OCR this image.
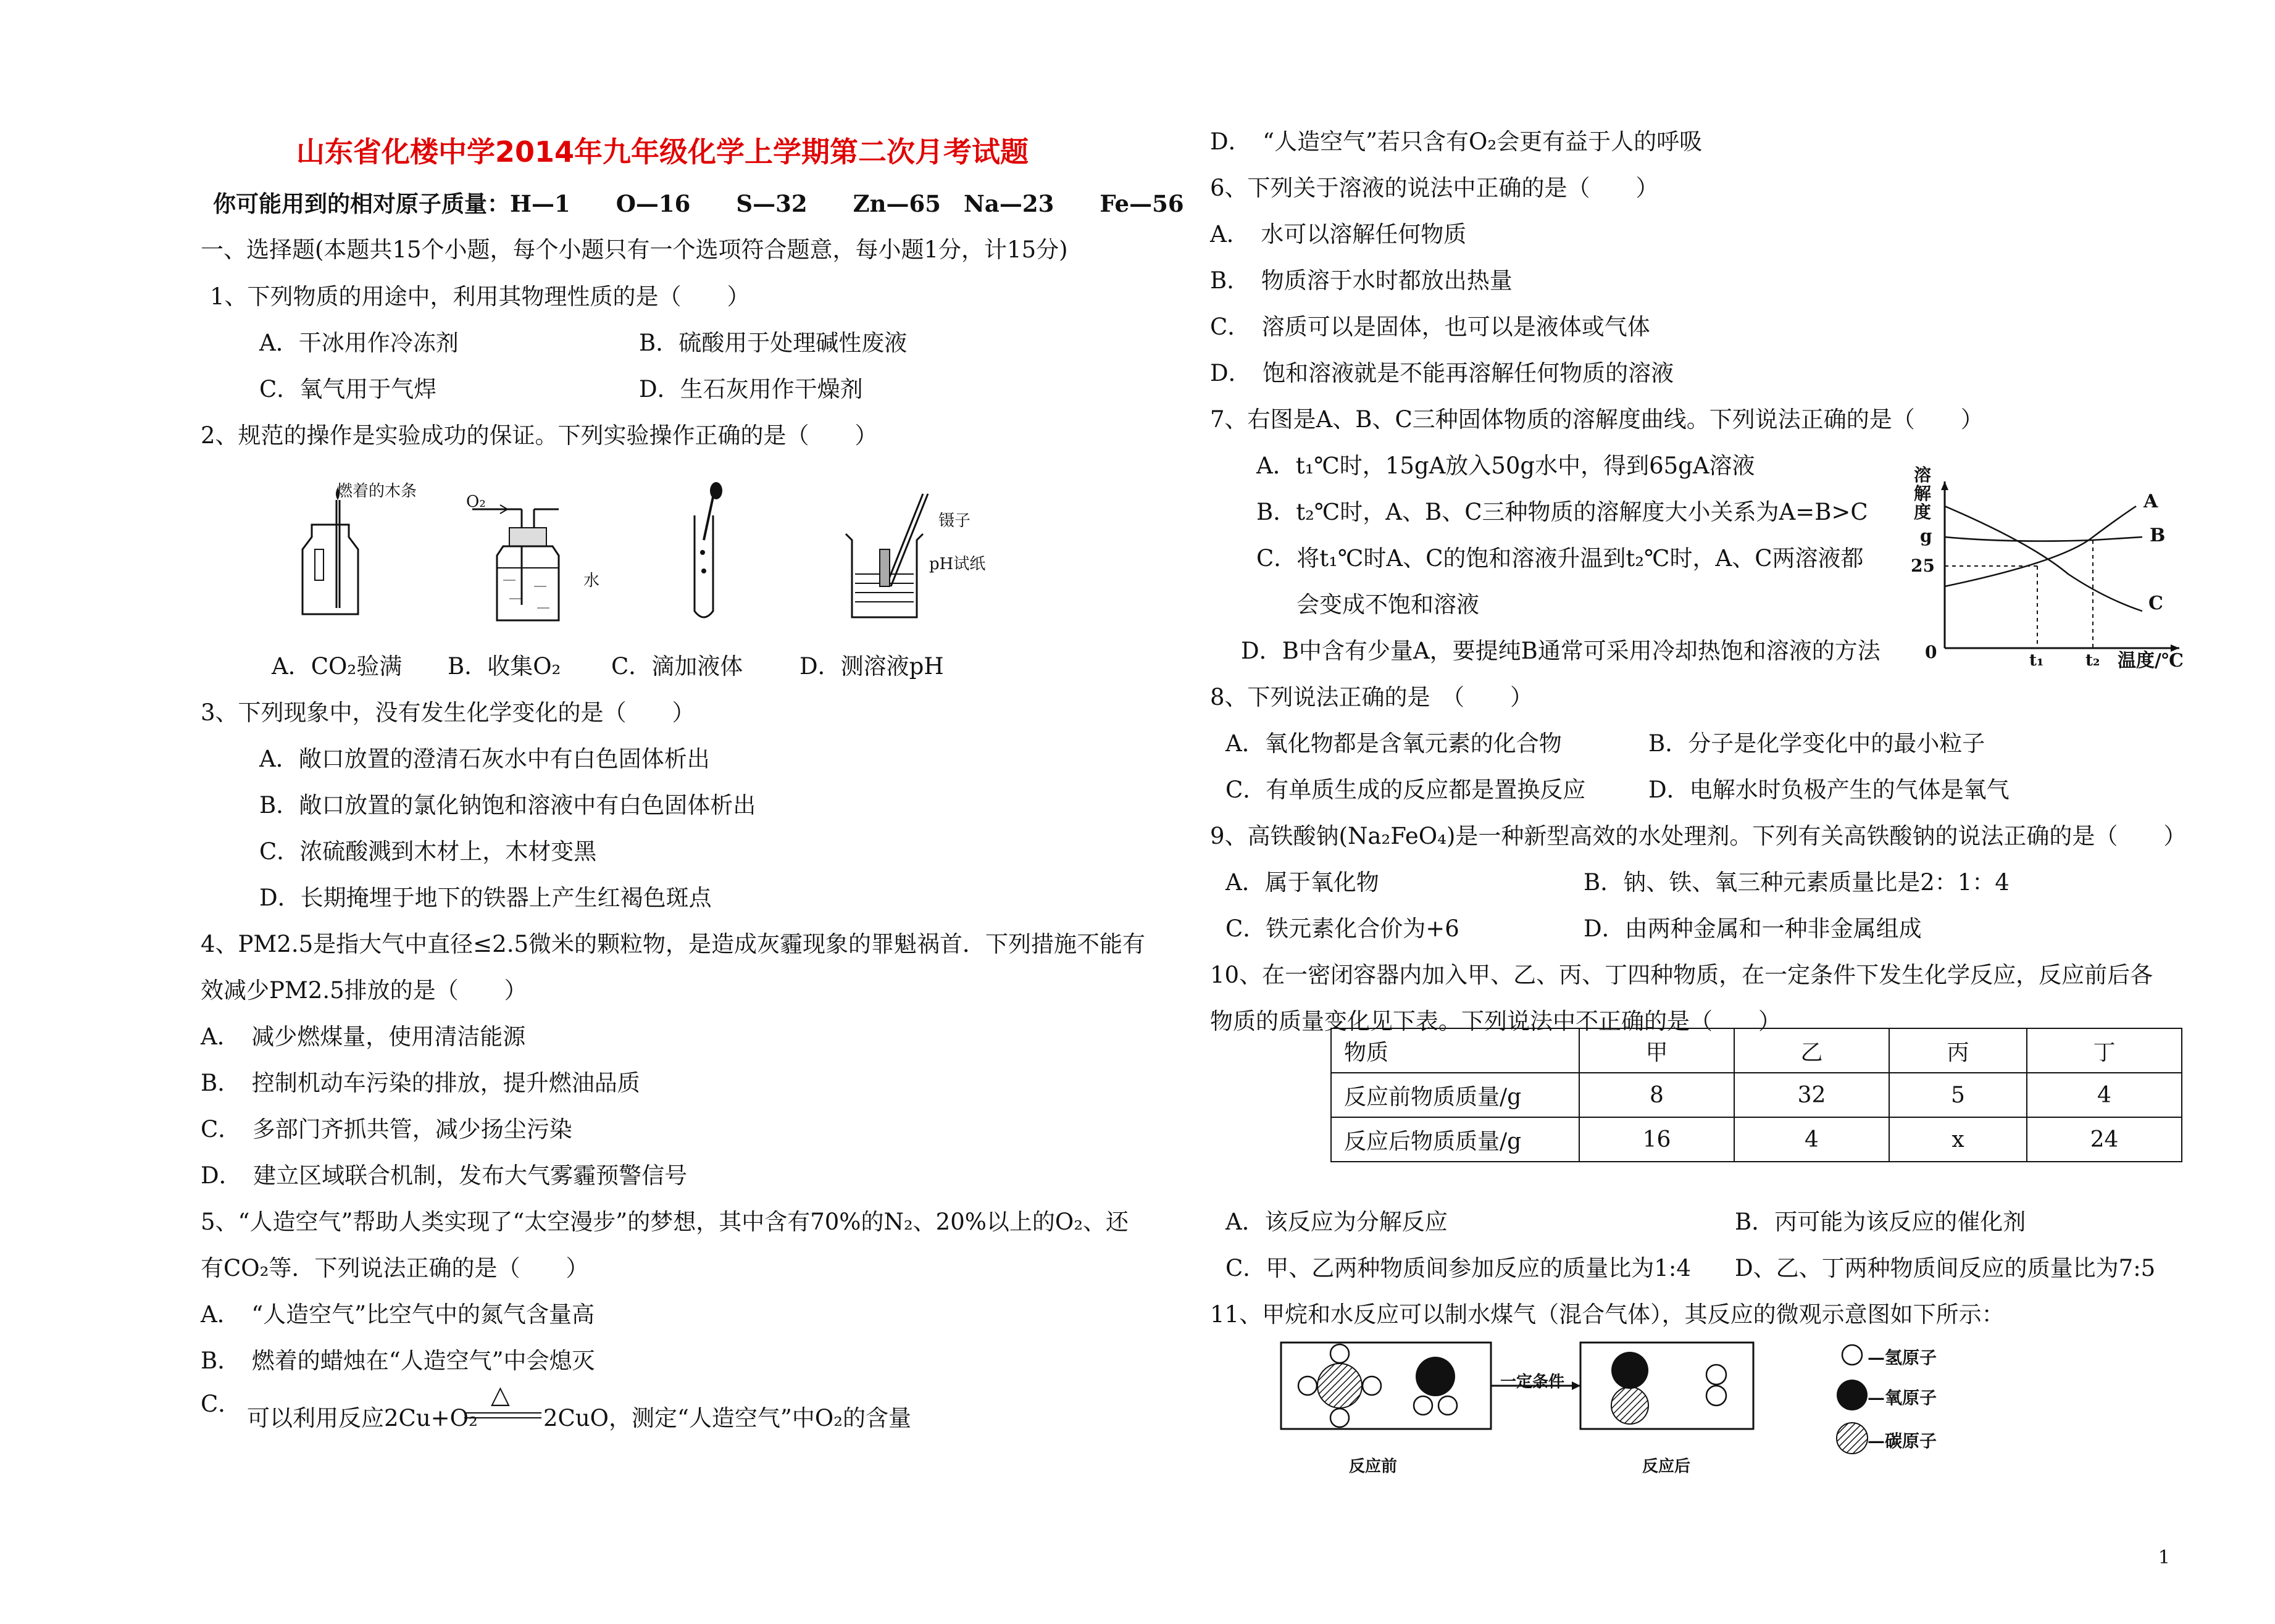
山东省化楼中学2014年九年级化学上学期第二次月考试题
你可能用到的相对原子质量：H—1　　O—16　　S—32　　Zn—65　Na—23　　Fe—56
一、选择题(本题共15个小题，每个小题只有一个选项符合题意，每小题1分，计15分)
1、下列物质的用途中，利用其物理性质的是（　　）
A．干冰用作冷冻剂	B．硫酸用于处理碱性废液
C．氧气用于气焊	D．生石灰用作干燥剂
2、规范的操作是实验成功的保证。下列实验操作正确的是（　　）
燃着的木条
O₂
水
镊子
pH试纸
A．CO₂验满 B．收集O₂ C．滴加液体 D．测溶液pH
3、下列现象中，没有发生化学变化的是（　　）
A．敞口放置的澄清石灰水中有白色固体析出
B．敞口放置的氯化钠饱和溶液中有白色固体析出
C．浓硫酸溅到木材上，木材变黑
D．长期掩埋于地下的铁器上产生红褐色斑点
4、PM2.5是指大气中直径≤2.5微米的颗粒物，是造成灰霾现象的罪魁祸首．下列措施不能有
效减少PM2.5排放的是（　　）
A．　减少燃煤量，使用清洁能源
B．　控制机动车污染的排放，提升燃油品质
C．　多部门齐抓共管，减少扬尘污染
D．　建立区域联合机制，发布大气雾霾预警信号
5、“人造空气”帮助人类实现了“太空漫步”的梦想，其中含有70%的N₂、20%以上的O₂、还
有CO₂等．下列说法正确的是（　　）
A．　“人造空气”比空气中的氮气含量高
B．　燃着的蜡烛在“人造空气”中会熄灭
C．
可以利用反应2Cu+O₂
△
2CuO，测定“人造空气”中O₂的含量
D．　“人造空气”若只含有O₂会更有益于人的呼吸
6、下列关于溶液的说法中正确的是（　　）
A．　水可以溶解任何物质
B．　物质溶于水时都放出热量
C．　溶质可以是固体，也可以是液体或气体
D．　饱和溶液就是不能再溶解任何物质的溶液
7、右图是A、B、C三种固体物质的溶解度曲线。下列说法正确的是（　　）
A．t₁℃时，15gA放入50g水中，得到65gA溶液
B．t₂℃时，A、B、C三种物质的溶解度大小关系为A=B>C
C．将t₁℃时A、C的饱和溶液升温到t₂℃时，A、C两溶液都
会变成不饱和溶液
D．B中含有少量A，要提纯B通常可采用冷却热饱和溶液的方法
溶解度
g
25
0	t₁	t₂ 温度/℃
A
B
C
8、下列说法正确的是　（　　）
A．氧化物都是含氧元素的化合物	B．分子是化学变化中的最小粒子
C．有单质生成的反应都是置换反应	D．电解水时负极产生的气体是氧气
9、高铁酸钠(Na₂FeO₄)是一种新型高效的水处理剂。下列有关高铁酸钠的说法正确的是（　　）
A．属于氧化物	B．钠、铁、氧三种元素质量比是2：1：4
C．铁元素化合价为+6	D．由两种金属和一种非金属组成
10、在一密闭容器内加入甲、乙、丙、丁四种物质，在一定条件下发生化学反应，反应前后各
物质的质量变化见下表。下列说法中不正确的是（　　）
物质	甲	乙	丙	丁
反应前物质质量/g	8	32	5	4
反应后物质质量/g	16	4	x	24
A．该反应为分解反应	B．丙可能为该反应的催化剂
C．甲、乙两种物质间参加反应的质量比为1:4 D、乙、丁两种物质间反应的质量比为7:5
11、甲烷和水反应可以制水煤气（混合气体），其反应的微观示意图如下所示：
一定条件
反应前	反应后
—氢原子
—氧原子
—碳原子
1
